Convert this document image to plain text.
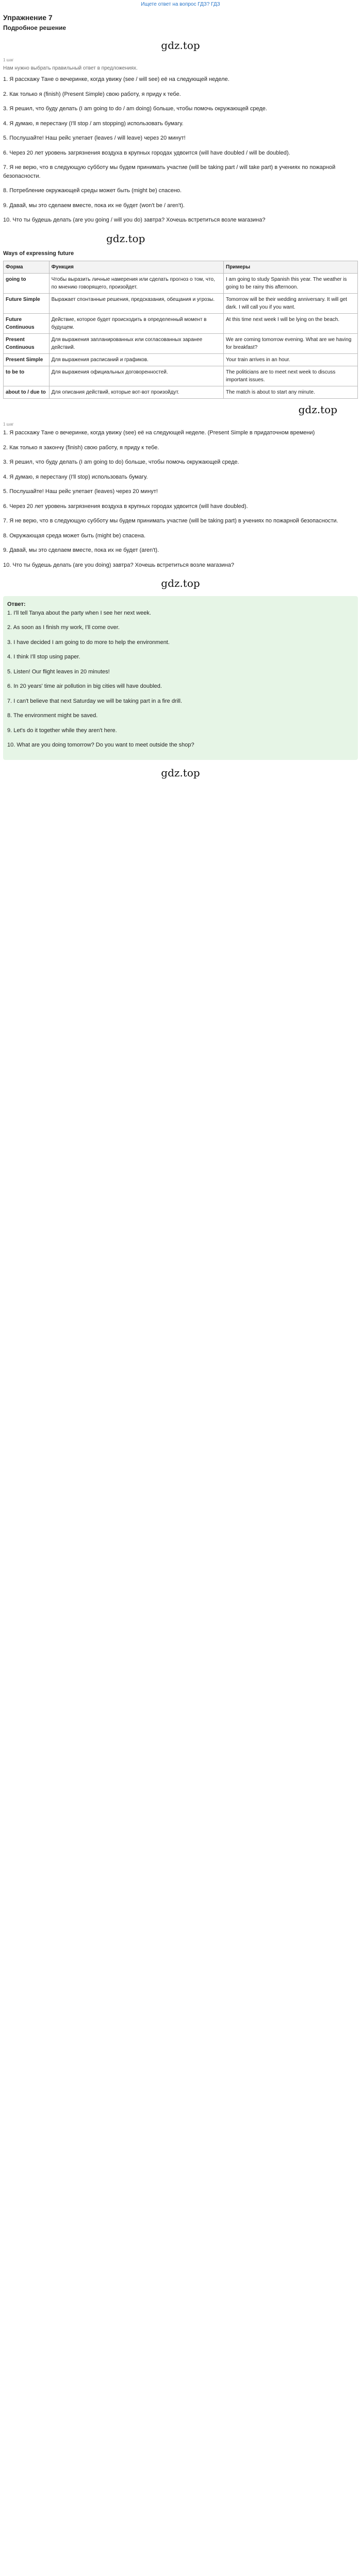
Ищете ответ на вопрос ГДЗ? ГДЗ
Упражнение 7
Подробное решение
gdz.top
1 шаг
Нам нужно выбрать правильный ответ в предложениях.
1. Я расскажу Тане о вечеринке, когда увижу (see / will see) её на следующей неделе.
2. Как только я (finish) (Present Simple) свою работу, я приду к тебе.
3. Я решил, что буду делать (I am going to do / am doing) больше, чтобы помочь окружающей среде.
4. Я думаю, я перестану (I'll stop / am stopping) использовать бумагу.
5. Послушайте! Наш рейс улетает (leaves / will leave) через 20 минут!
6. Через 20 лет уровень загрязнения воздуха в крупных городах удвоится (will have doubled / will be doubled).
7. Я не верю, что в следующую субботу мы будем принимать участие (will be taking part / will take part) в учениях по пожарной безопасности.
8. Потребление окружающей среды может быть (might be) спасено.
9. Давай, мы это сделаем вместе, пока их не будет (won't be / aren't).
10. Что ты будешь делать (are you going / will you do) завтра? Хочешь встретиться возле магазина?
gdz.top
Ways of expressing future
Форма	Функция	Примеры
going to	Чтобы выразить личные намерения или сделать прогноз о том, что, по мнению говорящего, произойдет.	I am going to study Spanish this year. The weather is going to be rainy this afternoon.
Future Simple	Выражает спонтанные решения, предсказания, обещания и угрозы.	Tomorrow will be their wedding anniversary. It will get dark. I will call you if you want.
Future Continuous	Действие, которое будет происходить в определенный момент в будущем.	At this time next week I will be lying on the beach.
Present Continuous	Для выражения запланированных или согласованных заранее действий.	We are coming tomorrow evening. What are we having for breakfast?
Present Simple	Для выражения расписаний и графиков.	Your train arrives in an hour.
to be to	Для выражения официальных договоренностей.	The politicians are to meet next week to discuss important issues.
about to / due to	Для описания действий, которые вот-вот произойдут.	The match is about to start any minute.
gdz.top
1 шаг
1. Я расскажу Тане о вечеринке, когда увижу (see) её на следующей неделе. (Present Simple в придаточном времени)
2. Как только я закончу (finish) свою работу, я приду к тебе.
3. Я решил, что буду делать (I am going to do) больше, чтобы помочь окружающей среде.
4. Я думаю, я перестану (I'll stop) использовать бумагу.
5. Послушайте! Наш рейс улетает (leaves) через 20 минут!
6. Через 20 лет уровень загрязнения воздуха в крупных городах удвоится (will have doubled).
7. Я не верю, что в следующую субботу мы будем принимать участие (will be taking part) в учениях по пожарной безопасности.
8. Окружающая среда может быть (might be) спасена.
9. Давай, мы это сделаем вместе, пока их не будет (aren't).
10. Что ты будешь делать (are you doing) завтра? Хочешь встретиться возле магазина?
gdz.top
Ответ:
1. I'll tell Tanya about the party when I see her next week.
2. As soon as I finish my work, I'll come over.
3. I have decided I am going to do more to help the environment.
4. I think I'll stop using paper.
5. Listen! Our flight leaves in 20 minutes!
6. In 20 years' time air pollution in big cities will have doubled.
7. I can't believe that next Saturday we will be taking part in a fire drill.
8. The environment might be saved.
9. Let's do it together while they aren't here.
10. What are you doing tomorrow? Do you want to meet outside the shop?
gdz.top
